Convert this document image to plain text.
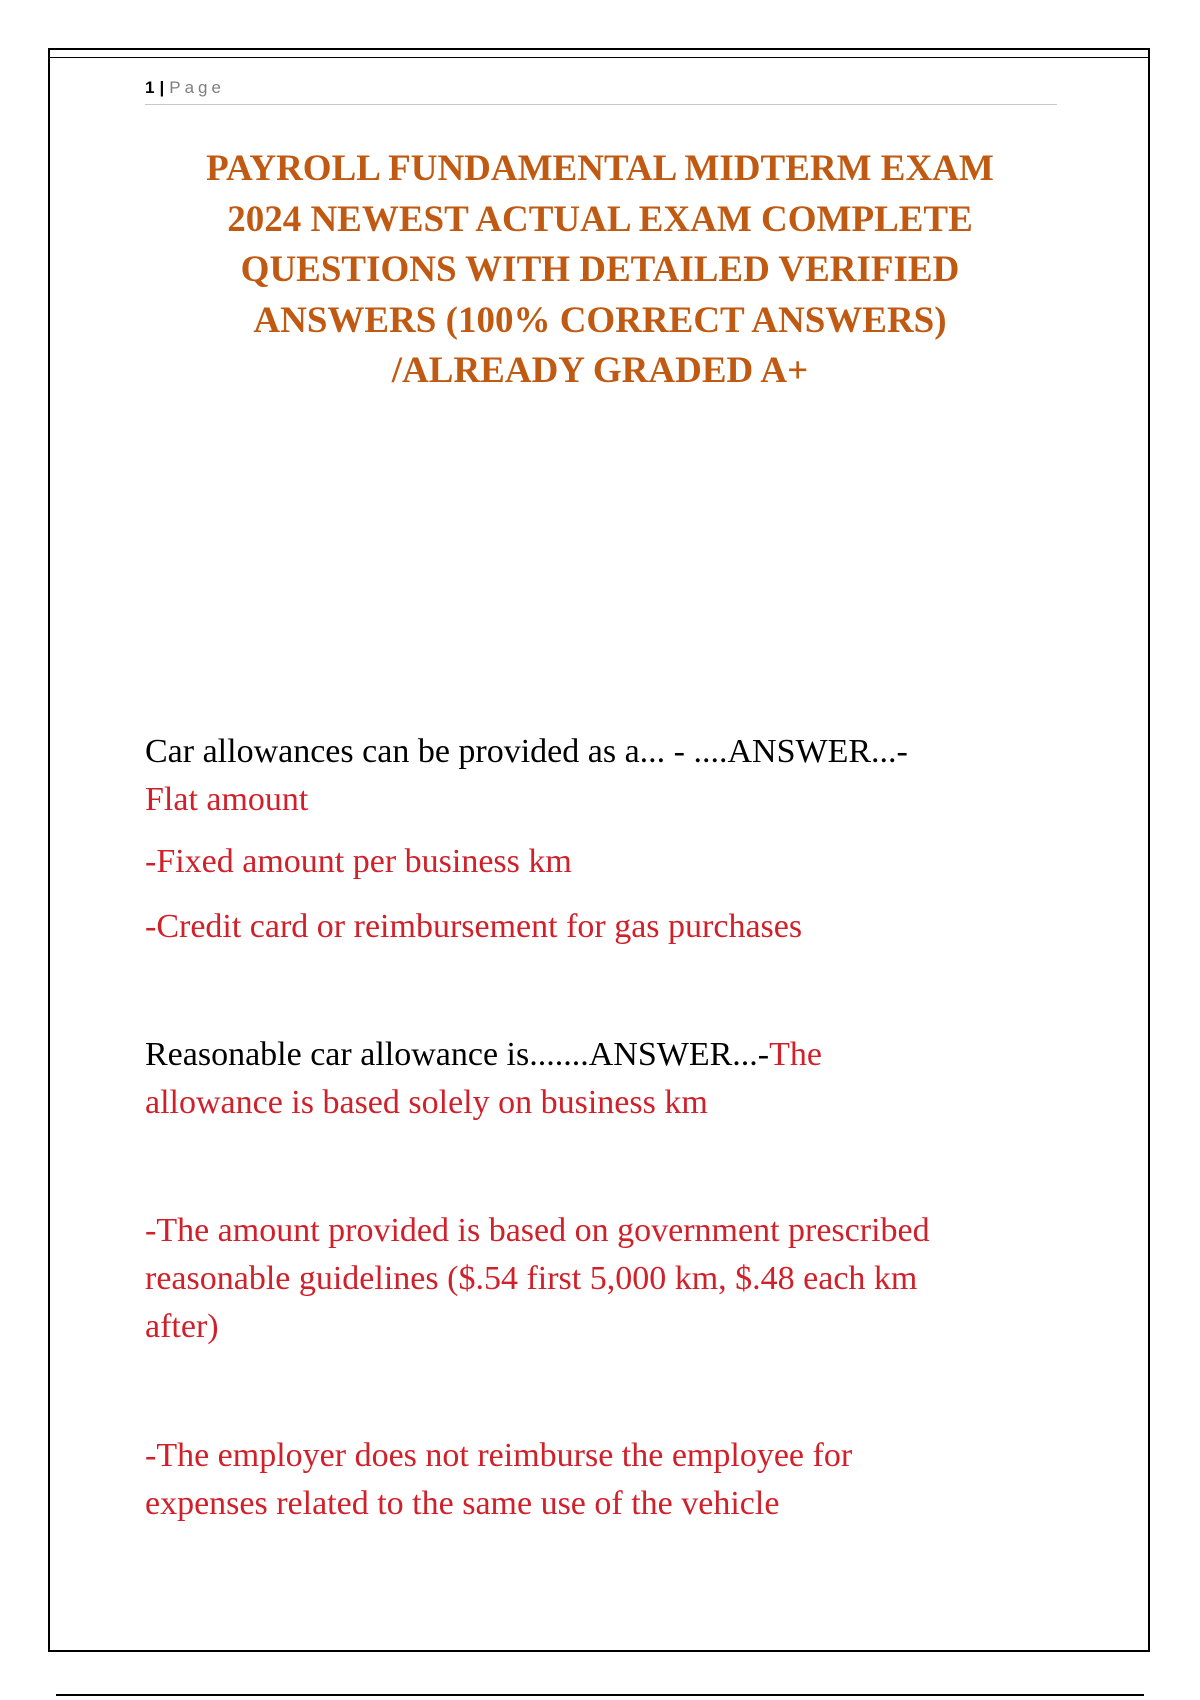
1 | Page
PAYROLL FUNDAMENTAL MIDTERM EXAM
2024 NEWEST ACTUAL EXAM COMPLETE
QUESTIONS WITH DETAILED VERIFIED
ANSWERS (100% CORRECT ANSWERS)
/ALREADY GRADED A+
Car allowances can be provided as a... - ....ANSWER...-
Flat amount
-Fixed amount per business km
-Credit card or reimbursement for gas purchases
Reasonable car allowance is.......ANSWER...-The
allowance is based solely on business km
-The amount provided is based on government prescribed
reasonable guidelines ($.54 first 5,000 km, $.48 each km
after)
-The employer does not reimburse the employee for
expenses related to the same use of the vehicle
